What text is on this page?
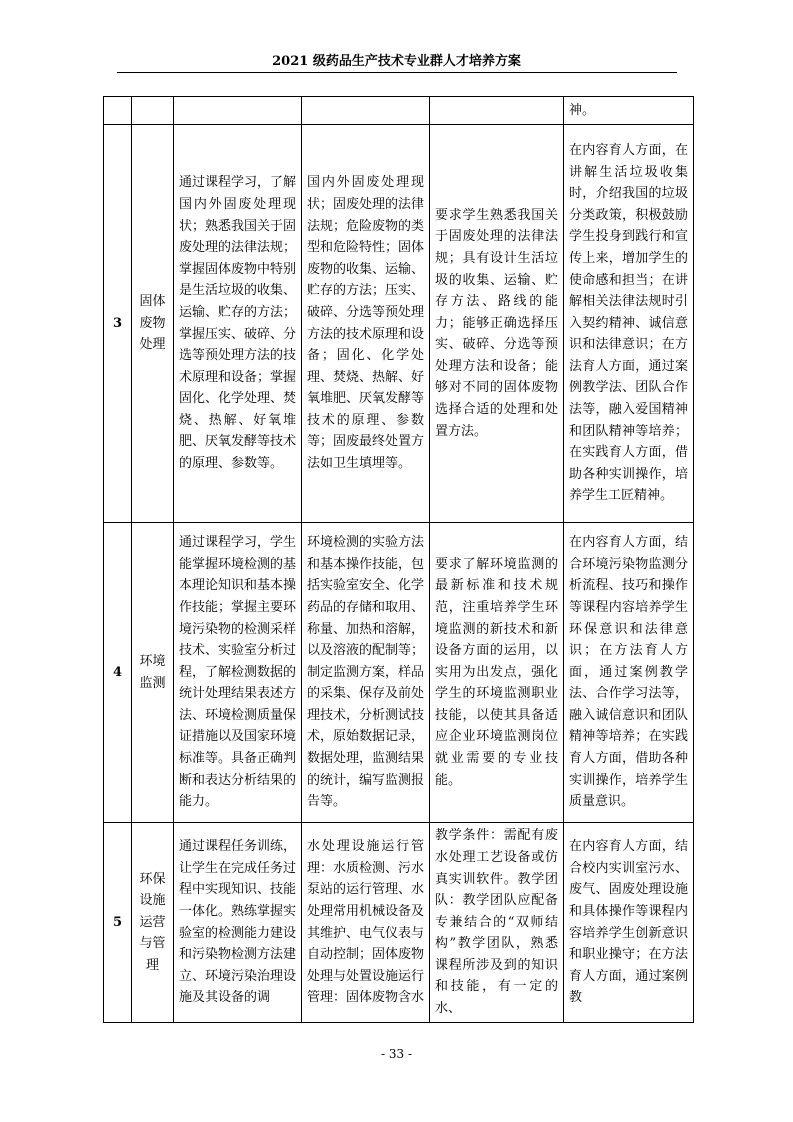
2021 级药品生产技术专业群人才培养方案
					神。
3	固体废物处理	通过课程学习，了解国内外固废处理现状；熟悉我国关于固废处理的法律法规；掌握固体废物中特别是生活垃圾的收集、运输、贮存的方法；掌握压实、破碎、分选等预处理方法的技术原理和设备；掌握固化、化学处理、焚烧、热解、好氧堆肥、厌氧发酵等技术的原理、参数等。	国内外固废处理现状；固废处理的法律法规；危险废物的类型和危险特性；固体废物的收集、运输、贮存的方法；压实、破碎、分选等预处理方法的技术原理和设备；固化、化学处理、焚烧、热解、好氧堆肥、厌氧发酵等技术的原理、参数等；固废最终处置方法如卫生填埋等。	要求学生熟悉我国关于固废处理的法律法规；具有设计生活垃圾的收集、运输、贮存方法、路线的能力；能够正确选择压实、破碎、分选等预处理方法和设备；能够对不同的固体废物选择合适的处理和处置方法。	在内容育人方面，在讲解生活垃圾收集时，介绍我国的垃圾分类政策，积极鼓励学生投身到践行和宣传上来，增加学生的使命感和担当；在讲解相关法律法规时引入契约精神、诚信意识和法律意识；在方法育人方面，通过案例教学法、团队合作法等，融入爱国精神和团队精神等培养；在实践育人方面，借助各种实训操作，培养学生工匠精神。
4	环境监测	通过课程学习，学生能掌握环境检测的基本理论知识和基本操作技能；掌握主要环境污染物的检测采样技术、实验室分析过程，了解检测数据的统计处理结果表述方法、环境检测质量保证措施以及国家环境标准等。具备正确判断和表达分析结果的能力。	环境检测的实验方法和基本操作技能，包括实验室安全、化学药品的存储和取用、称量、加热和溶解，以及溶液的配制等；制定监测方案，样品的采集、保存及前处理技术，分析测试技术，原始数据记录，数据处理，监测结果的统计，编写监测报告等。	要求了解环境监测的最新标准和技术规范，注重培养学生环境监测的新技术和新设备方面的运用，以实用为出发点，强化学生的环境监测职业技能，以使其具备适应企业环境监测岗位就业需要的专业技能。	在内容育人方面，结合环境污染物监测分析流程、技巧和操作等课程内容培养学生环保意识和法律意识；在方法育人方面，通过案例教学法、合作学习法等，融入诚信意识和团队精神等培养；在实践育人方面，借助各种实训操作，培养学生质量意识。
5	环保设施运营与管理	通过课程任务训练，让学生在完成任务过程中实现知识、技能一体化。熟练掌握实验室的检测能力建设和污染物检测方法建立、环境污染治理设施及其设备的调	水处理设施运行管理：水质检测、污水泵站的运行管理、水处理常用机械设备及其维护、电气仪表与自动控制；固体废物处理与处置设施运行管理：固体废物含水	教学条件：需配有废水处理工艺设备或仿真实训软件。教学团队：教学团队应配备专兼结合的“双师结构”教学团队，熟悉课程所涉及到的知识和技能，有一定的水、	在内容育人方面，结合校内实训室污水、废气、固废处理设施和具体操作等课程内容培养学生创新意识和职业操守；在方法育人方面，通过案例教
- 33 -
